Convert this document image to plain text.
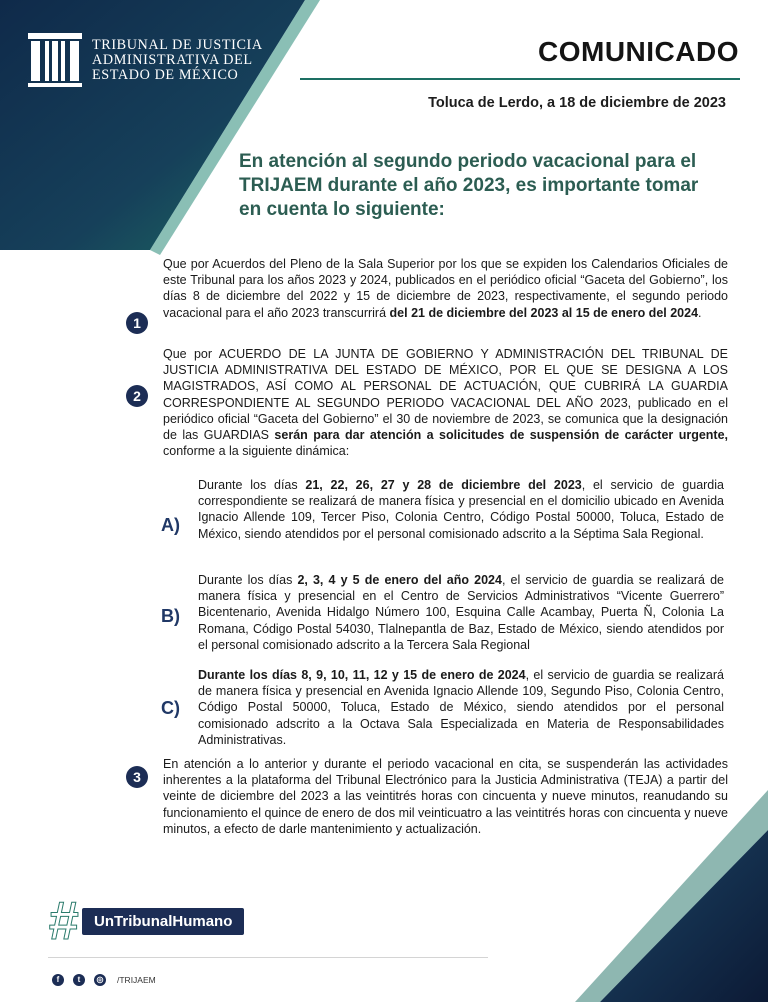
TRIBUNAL DE JUSTICIA
ADMINISTRATIVA DEL
ESTADO DE MÉXICO
COMUNICADO
Toluca de Lerdo, a 18 de diciembre de 2023
En atención al segundo periodo vacacional para el TRIJAEM durante el año 2023, es importante tomar en cuenta lo siguiente:
1
Que por Acuerdos del Pleno de la Sala Superior por los que se expiden los Calendarios Oficiales de este Tribunal para los años 2023 y 2024, publicados en el periódico oficial “Gaceta del Gobierno”, los días 8 de diciembre del 2022 y 15 de diciembre de 2023, respectivamente, el segundo periodo vacacional para el año 2023 transcurrirá del 21 de diciembre del 2023 al 15 de enero del 2024.
2
Que por ACUERDO DE LA JUNTA DE GOBIERNO Y ADMINISTRACIÓN DEL TRIBUNAL DE JUSTICIA ADMINISTRATIVA DEL ESTADO DE MÉXICO, POR EL QUE SE DESIGNA A LOS MAGISTRADOS, ASÍ COMO AL PERSONAL DE ACTUACIÓN, QUE CUBRIRÁ LA GUARDIA CORRESPONDIENTE AL SEGUNDO PERIODO VACACIONAL DEL AÑO 2023, publicado en el periódico oficial “Gaceta del Gobierno” el 30 de noviembre de 2023, se comunica que la designación de las GUARDIAS serán para dar atención a solicitudes de suspensión de carácter urgente, conforme a la siguiente dinámica:
A)
Durante los días 21, 22, 26, 27 y 28 de diciembre del 2023, el servicio de guardia correspondiente se realizará de manera física y presencial en el domicilio ubicado en Avenida Ignacio Allende 109, Tercer Piso, Colonia Centro, Código Postal 50000, Toluca, Estado de México, siendo atendidos por el personal comisionado adscrito a la Séptima Sala Regional.
B)
Durante los días 2, 3, 4 y 5 de enero del año 2024, el servicio de guardia se realizará de manera física y presencial en el Centro de Servicios Administrativos “Vicente Guerrero” Bicentenario, Avenida Hidalgo Número 100, Esquina Calle Acambay, Puerta Ñ, Colonia La Romana, Código Postal 54030, Tlalnepantla de Baz, Estado de México, siendo atendidos por el personal comisionado adscrito a la Tercera Sala Regional
C)
Durante los días 8, 9, 10, 11, 12 y 15 de enero de 2024, el servicio de guardia se realizará de manera física y presencial en Avenida Ignacio Allende 109, Segundo Piso, Colonia Centro, Código Postal 50000, Toluca, Estado de México, siendo atendidos por el personal comisionado adscrito a la Octava Sala Especializada en Materia de Responsabilidades Administrativas.
3
En atención a lo anterior y durante el periodo vacacional en cita, se suspenderán las actividades inherentes a la plataforma del Tribunal Electrónico para la Justicia Administrativa (TEJA) a partir del veinte de diciembre del 2023 a las veintitrés horas con cincuenta y nueve minutos, reanudando su funcionamiento el quince de enero de dos mil veinticuatro a las veintitrés horas con cincuenta y nueve minutos, a efecto de darle mantenimiento y actualización.
#	UnTribunalHumano
f	t	◎ /TRIJAEM
